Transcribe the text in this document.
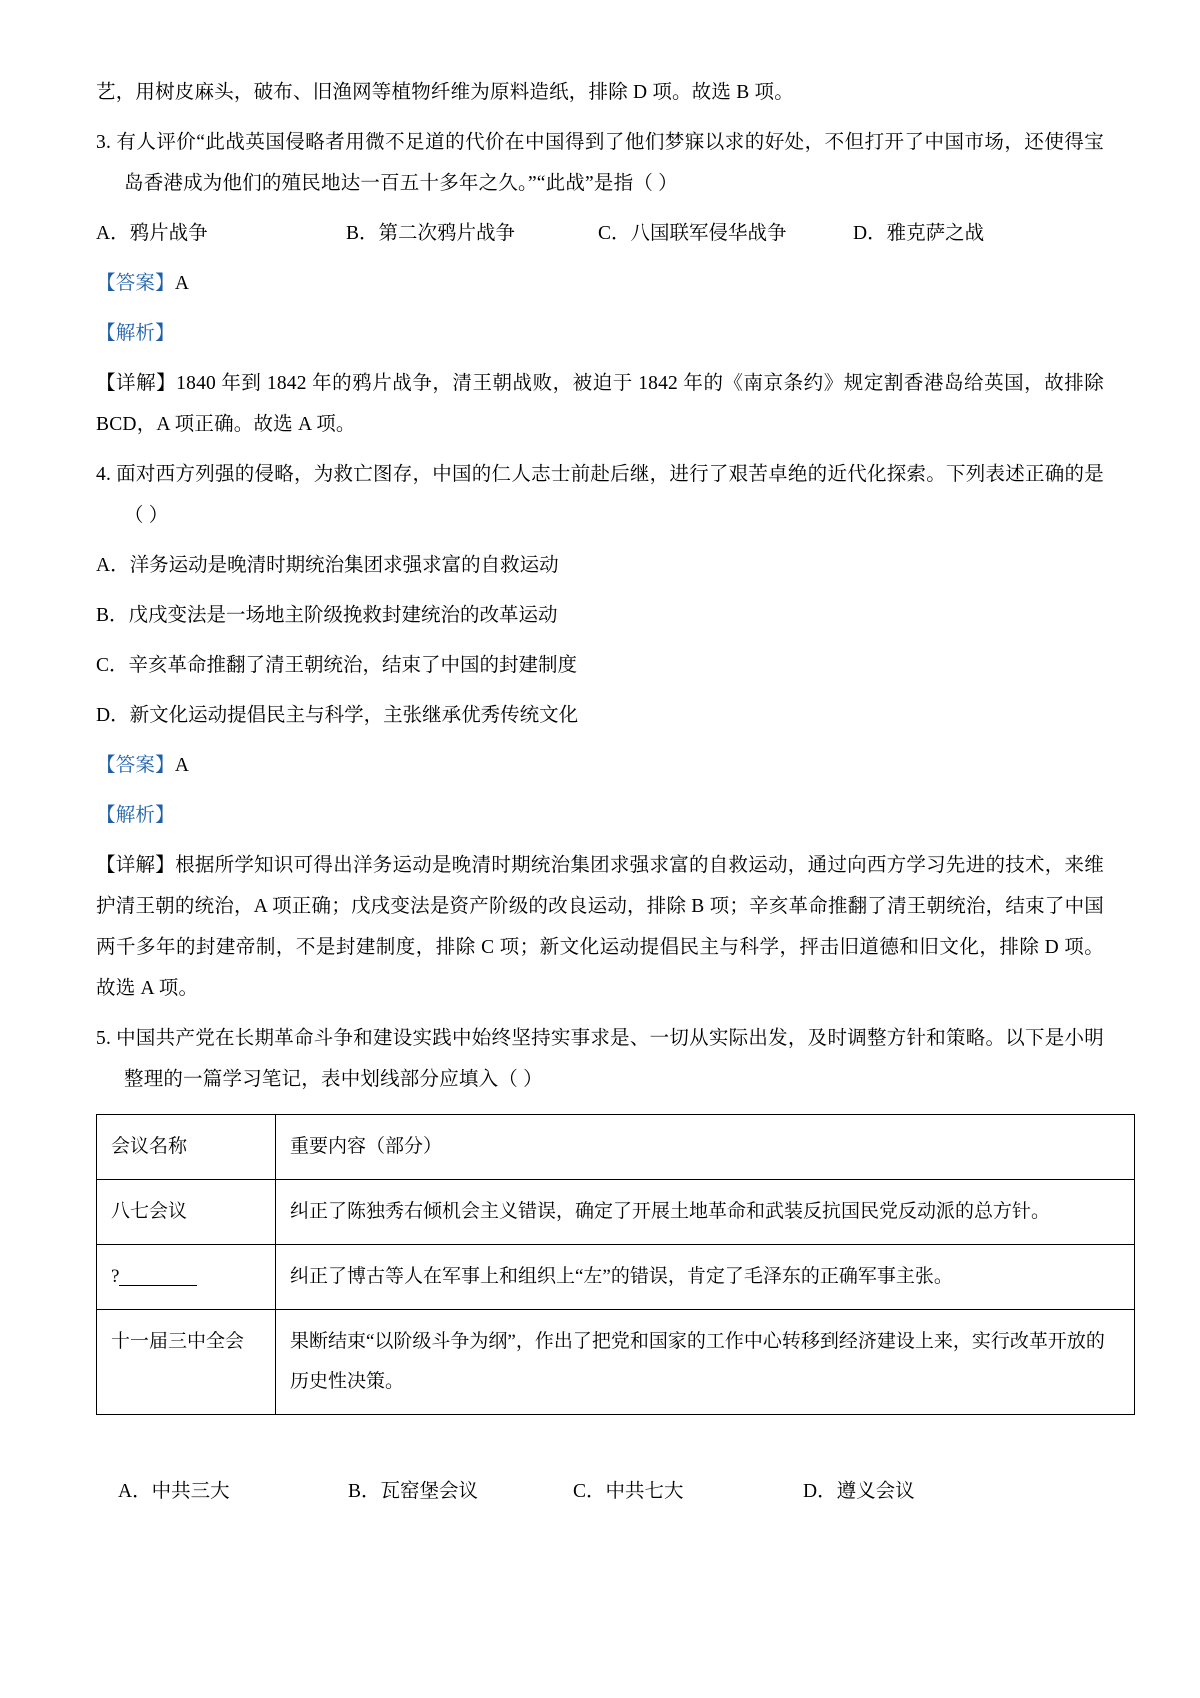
艺，用树皮麻头，破布、旧渔网等植物纤维为原料造纸，排除 D 项。故选 B 项。

3. 有人评价“此战英国侵略者用微不足道的代价在中国得到了他们梦寐以求的好处，不但打开了中国市场，还使得宝岛香港成为他们的殖民地达一百五十多年之久。”“此战”是指（ ）

A．鸦片战争	B．第二次鸦片战争	C．八国联军侵华战争	D．雅克萨之战

【答案】A

【解析】

【详解】1840 年到 1842 年的鸦片战争，清王朝战败，被迫于 1842 年的《南京条约》规定割香港岛给英国，故排除 BCD，A 项正确。故选 A 项。

4. 面对西方列强的侵略，为救亡图存，中国的仁人志士前赴后继，进行了艰苦卓绝的近代化探索。下列表述正确的是（ ）

A．洋务运动是晚清时期统治集团求强求富的自救运动

B．戊戌变法是一场地主阶级挽救封建统治的改革运动

C．辛亥革命推翻了清王朝统治，结束了中国的封建制度

D．新文化运动提倡民主与科学，主张继承优秀传统文化

【答案】A

【解析】

【详解】根据所学知识可得出洋务运动是晚清时期统治集团求强求富的自救运动，通过向西方学习先进的技术，来维护清王朝的统治，A 项正确；戊戌变法是资产阶级的改良运动，排除 B 项；辛亥革命推翻了清王朝统治，结束了中国两千多年的封建帝制，不是封建制度，排除 C 项；新文化运动提倡民主与科学，抨击旧道德和旧文化，排除 D 项。故选 A 项。

5. 中国共产党在长期革命斗争和建设实践中始终坚持实事求是、一切从实际出发，及时调整方针和策略。以下是小明整理的一篇学习笔记，表中划线部分应填入（ ）

会议名称	重要内容（部分）
八七会议	纠正了陈独秀右倾机会主义错误，确定了开展土地革命和武装反抗国民党反动派的总方针。
?	纠正了博古等人在军事上和组织上“左”的错误，肯定了毛泽东的正确军事主张。
十一届三中全会	果断结束“以阶级斗争为纲”，作出了把党和国家的工作中心转移到经济建设上来，实行改革开放的历史性决策。
A．中共三大	B．瓦窑堡会议	C．中共七大	D．遵义会议
